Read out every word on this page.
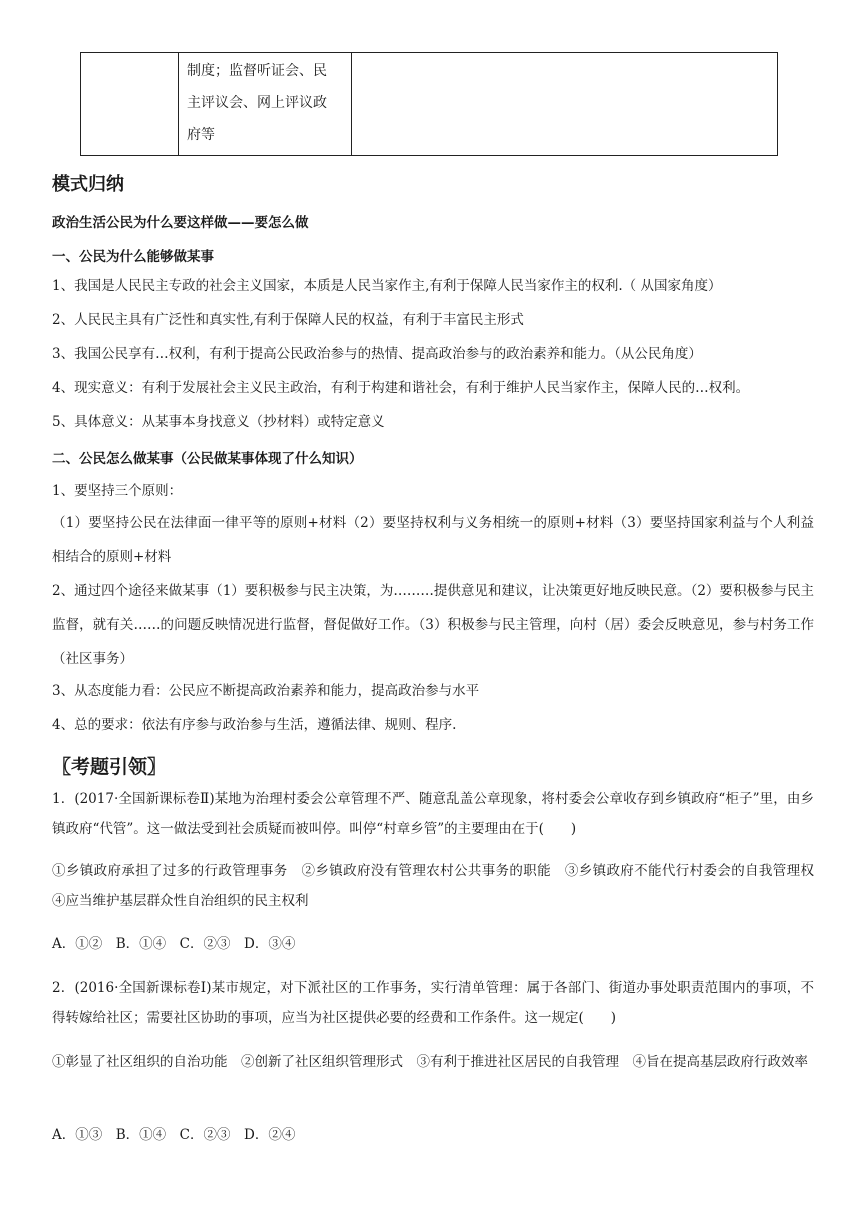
制度；监督听证会、民
主评议会、网上评议政
府等

模式归纳
政治生活公民为什么要这样做——要怎么做
一、公民为什么能够做某事
1、我国是人民民主专政的社会主义国家，本质是人民当家作主,有利于保障人民当家作主的权利.（ 从国家角度）
2、人民民主具有广泛性和真实性,有利于保障人民的权益，有利于丰富民主形式
3、我国公民享有…权利，有利于提高公民政治参与的热情、提高政治参与的政治素养和能力。（从公民角度）
4、现实意义：有利于发展社会主义民主政治，有利于构建和谐社会，有利于维护人民当家作主，保障人民的…权利。
5、具体意义：从某事本身找意义（抄材料）或特定意义
二、公民怎么做某事（公民做某事体现了什么知识）
1、要坚持三个原则：
（1）要坚持公民在法律面一律平等的原则+材料（2）要坚持权利与义务相统一的原则+材料（3）要坚持国家利益与个人利益相结合的原则+材料
2、通过四个途径来做某事（1）要积极参与民主决策，为………提供意见和建议，让决策更好地反映民意。（2）要积极参与民主监督，就有关……的问题反映情况进行监督，督促做好工作。（3）积极参与民主管理，向村（居）委会反映意见，参与村务工作（社区事务）
3、从态度能力看：公民应不断提高政治素养和能力，提高政治参与水平
4、总的要求：依法有序参与政治参与生活，遵循法律、规则、程序.
〖考题引领〗
1．(2017·全国新课标卷Ⅱ)某地为治理村委会公章管理不严、随意乱盖公章现象，将村委会公章收存到乡镇政府“柜子”里，由乡镇政府“代管”。这一做法受到社会质疑而被叫停。叫停“村章乡管”的主要理由在于(　　)
①乡镇政府承担了过多的行政管理事务　②乡镇政府没有管理农村公共事务的职能　③乡镇政府不能代行村委会的自我管理权　④应当维护基层群众性自治组织的民主权利
A．①②　B．①④　C．②③　D．③④
2．(2016·全国新课标卷Ⅰ)某市规定，对下派社区的工作事务，实行清单管理：属于各部门、街道办事处职责范围内的事项，不得转嫁给社区；需要社区协助的事项，应当为社区提供必要的经费和工作条件。这一规定(　　)
①彰显了社区组织的自治功能　②创新了社区组织管理形式　③有利于推进社区居民的自我管理　④旨在提高基层政府行政效率
A．①③　B．①④　C．②③　D．②④
